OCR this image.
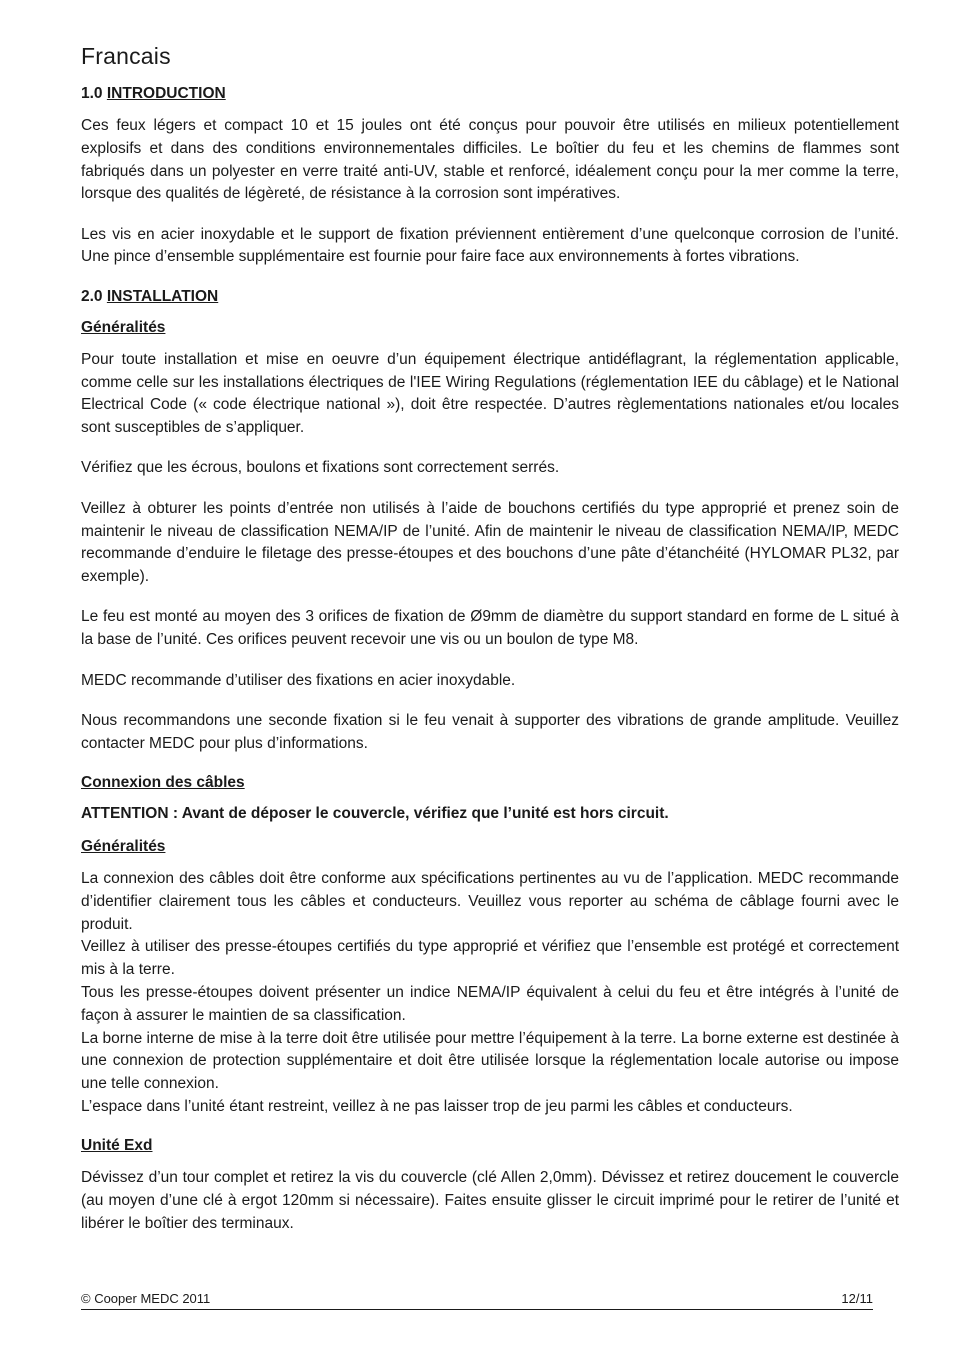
Francais
1.0 INTRODUCTION

Ces feux légers et compact 10 et 15 joules ont été conçus pour pouvoir être utilisés en milieux potentiellement explosifs et dans des conditions environnementales difficiles. Le boîtier du feu et les chemins de flammes sont fabriqués dans un polyester en verre traité anti-UV, stable et renforcé, idéalement conçu pour la mer comme la terre, lorsque des qualités de légèreté, de résistance à la corrosion sont impératives.

Les vis en acier inoxydable et le support de fixation préviennent entièrement d’une quelconque corrosion de l’unité. Une pince d’ensemble supplémentaire est fournie pour faire face aux environnements à fortes vibrations.

2.0 INSTALLATION
Généralités

Pour toute installation et mise en oeuvre d’un équipement électrique antidéflagrant, la réglementation applicable, comme celle sur les installations électriques de l'IEE Wiring Regulations (réglementation IEE du câblage) et le National Electrical Code (« code électrique national »), doit être respectée. D’autres règlementations nationales et/ou locales sont susceptibles de s’appliquer.

Vérifiez que les écrous, boulons et fixations sont correctement serrés.

Veillez à obturer les points d’entrée non utilisés à l’aide de bouchons certifiés du type approprié et prenez soin de maintenir le niveau de classification NEMA/IP de l’unité. Afin de maintenir le niveau de classification NEMA/IP, MEDC recommande d’enduire le filetage des presse-étoupes et des bouchons d’une pâte d’étanchéité (HYLOMAR PL32, par exemple).

Le feu est monté au moyen des 3 orifices de fixation de Ø9mm de diamètre du support standard en forme de L situé à la base de l’unité. Ces orifices peuvent recevoir une vis ou un boulon de type M8.

MEDC recommande d’utiliser des fixations en acier inoxydable.

Nous recommandons une seconde fixation si le feu venait à supporter des vibrations de grande amplitude. Veuillez contacter MEDC pour plus d’informations.

Connexion des câbles
ATTENTION : Avant de déposer le couvercle, vérifiez que l’unité est hors circuit.
Généralités

La connexion des câbles doit être conforme aux spécifications pertinentes au vu de l’application. MEDC recommande d’identifier clairement tous les câbles et conducteurs. Veuillez vous reporter au schéma de câblage fourni avec le produit.

Veillez à utiliser des presse-étoupes certifiés du type approprié et vérifiez que l’ensemble est protégé et correctement mis à la terre.

Tous les presse-étoupes doivent présenter un indice NEMA/IP équivalent à celui du feu et être intégrés à l’unité de façon à assurer le maintien de sa classification.

La borne interne de mise à la terre doit être utilisée pour mettre l’équipement à la terre. La borne externe est destinée à une connexion de protection supplémentaire et doit être utilisée lorsque la réglementation locale autorise ou impose une telle connexion.

L’espace dans l’unité étant restreint, veillez à ne pas laisser trop de jeu parmi les câbles et conducteurs.

Unité Exd

Dévissez d’un tour complet et retirez la vis du couvercle (clé Allen 2,0mm). Dévissez et retirez doucement le couvercle (au moyen d’une clé à ergot 120mm si nécessaire). Faites ensuite glisser le circuit imprimé pour le retirer de l’unité et libérer le boîtier des terminaux.

© Cooper MEDC 2011	12/11
